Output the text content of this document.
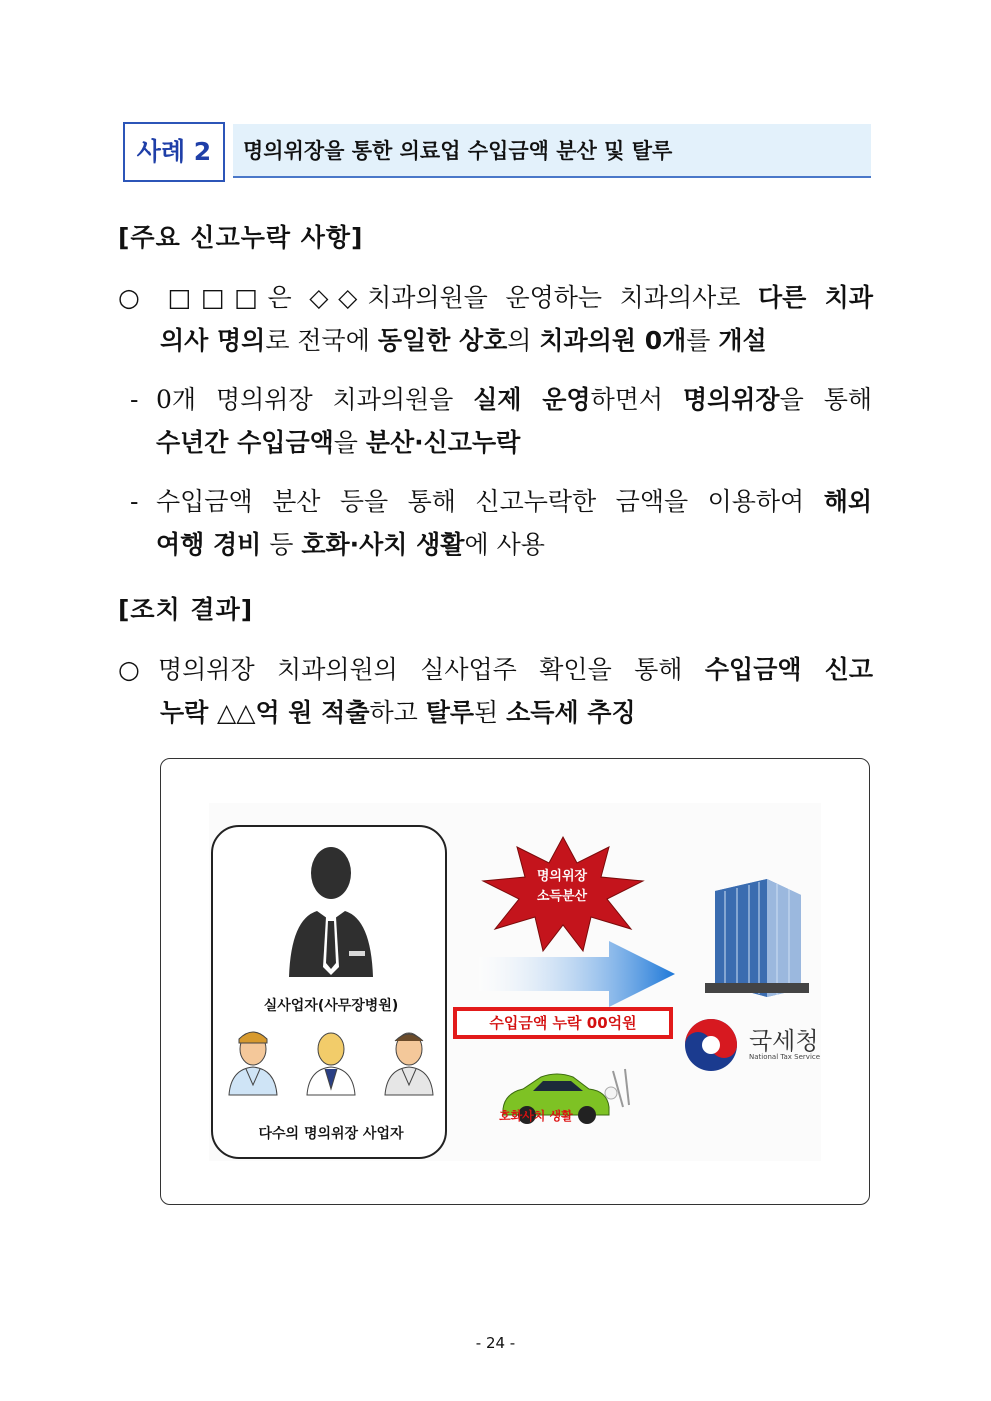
사례 2	명의위장을 통한 의료업 수입금액 분산 및 탈루
[주요 신고누락 사항]
○ □□□은 ◇◇치과의원을 운영하는 치과의사로 다른 치과
의사 명의로 전국에 동일한 상호의 치과의원 0개를 개설
- 0개 명의위장 치과의원을 실제 운영하면서 명의위장을 통해
수년간 수입금액을 분산·신고누락
- 수입금액 분산 등을 통해 신고누락한 금액을 이용하여 해외
여행 경비 등 호화·사치 생활에 사용
[조치 결과]
○ 명의위장 치과의원의 실사업주 확인을 통해 수입금액 신고
누락 △△억 원 적출하고 탈루된 소득세 추징
실사업자(사무장병원)
다수의 명의위장 사업자
명의위장
소득분산
수입금액 누락 00억원
호화사치 생활
국세청
National Tax Service
- 24 -
